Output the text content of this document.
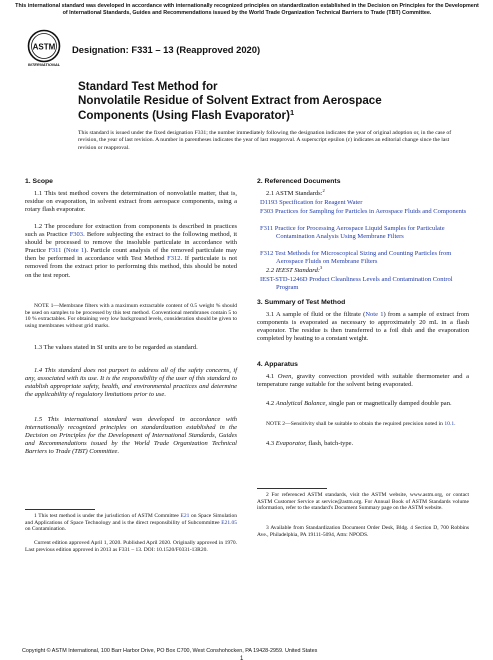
This international standard was developed in accordance with internationally recognized principles on standardization established in the Decision on Principles for the Development of International Standards, Guides and Recommendations issued by the World Trade Organization Technical Barriers to Trade (TBT) Committee.
ASTM
INTERNATIONAL
Designation: F331 – 13 (Reapproved 2020)
Standard Test Method for
Nonvolatile Residue of Solvent Extract from Aerospace
Components (Using Flash Evaporator)$^1$
This standard is issued under the fixed designation F331; the number immediately following the designation indicates the year of original adoption or, in the case of revision, the year of last revision. A number in parentheses indicates the year of last reapproval. A superscript epsilon (ε) indicates an editorial change since the last revision or reapproval.
1. Scope
1.1 This test method covers the determination of nonvolatile matter, that is, residue on evaporation, in solvent extract from aerospace components, using a rotary flash evaporator.
1.2 The procedure for extraction from components is described in practices such as Practice F303. Before subjecting the extract to the following method, it should be processed to remove the insoluble particulate in accordance with Practice F311 (Note 1). Particle count analysis of the removed particulate may then be performed in accordance with Test Method F312. If particulate is not removed from the extract prior to performing this method, this should be noted on the test report.
NOTE 1—Membrane filters with a maximum extractable content of 0.5 weight % should be used on samples to be processed by this test method. Conventional membranes contain 5 to 10 % extractables. For obtaining very low background levels, consideration should be given to using membranes without grid marks.
1.3 The values stated in SI units are to be regarded as standard.
1.4 This standard does not purport to address all of the safety concerns, if any, associated with its use. It is the responsibility of the user of this standard to establish appropriate safety, health, and environmental practices and determine the applicability of regulatory limitations prior to use.
1.5 This international standard was developed in accordance with internationally recognized principles on standardization established in the Decision on Principles for the Development of International Standards, Guides and Recommendations issued by the World Trade Organization Technical Barriers to Trade (TBT) Committee.
2. Referenced Documents
2.1 ASTM Standards:$^2$
D1193 Specification for Reagent Water
F303 Practices for Sampling for Particles in Aerospace Fluids and Components
F311 Practice for Processing Aerospace Liquid Samples for Particulate Contamination Analysis Using Membrane Filters
F312 Test Methods for Microscopical Sizing and Counting Particles from Aerospace Fluids on Membrane Filters
2.2 IEEST Standard:$^3$
IEST-STD-1246D Product Cleanliness Levels and Contamination Control Program
3. Summary of Test Method
3.1 A sample of fluid or the filtrate (Note 1) from a sample of extract from components is evaporated as necessary to approximately 20 mL in a flash evaporator. The residue is then transferred to a foil dish and the evaporation completed by heating to a constant weight.
4. Apparatus
4.1 Oven, gravity convection provided with suitable thermometer and a temperature range suitable for the solvent being evaporated.
4.2 Analytical Balance, single pan or magnetically damped double pan.
NOTE 2—Sensitivity shall be suitable to obtain the required precision noted in 10.1.
4.3 Evaporator, flash, batch-type.
1 This test method is under the jurisdiction of ASTM Committee E21 on Space Simulation and Applications of Space Technology and is the direct responsibility of Subcommittee E21.05 on Contamination.
Current edition approved April 1, 2020. Published April 2020. Originally approved in 1970. Last previous edition approved in 2013 as F331 – 13. DOI: 10.1520/F0331-13R20.
2 For referenced ASTM standards, visit the ASTM website, www.astm.org, or contact ASTM Customer Service at service@astm.org. For Annual Book of ASTM Standards volume information, refer to the standard's Document Summary page on the ASTM website.
3 Available from Standardization Document Order Desk, Bldg. 4 Section D, 700 Robbins Ave., Philadelphia, PA 19111-5094, Attn: NPODS.
Copyright © ASTM International, 100 Barr Harbor Drive, PO Box C700, West Conshohocken, PA 19428-2959. United States
1
